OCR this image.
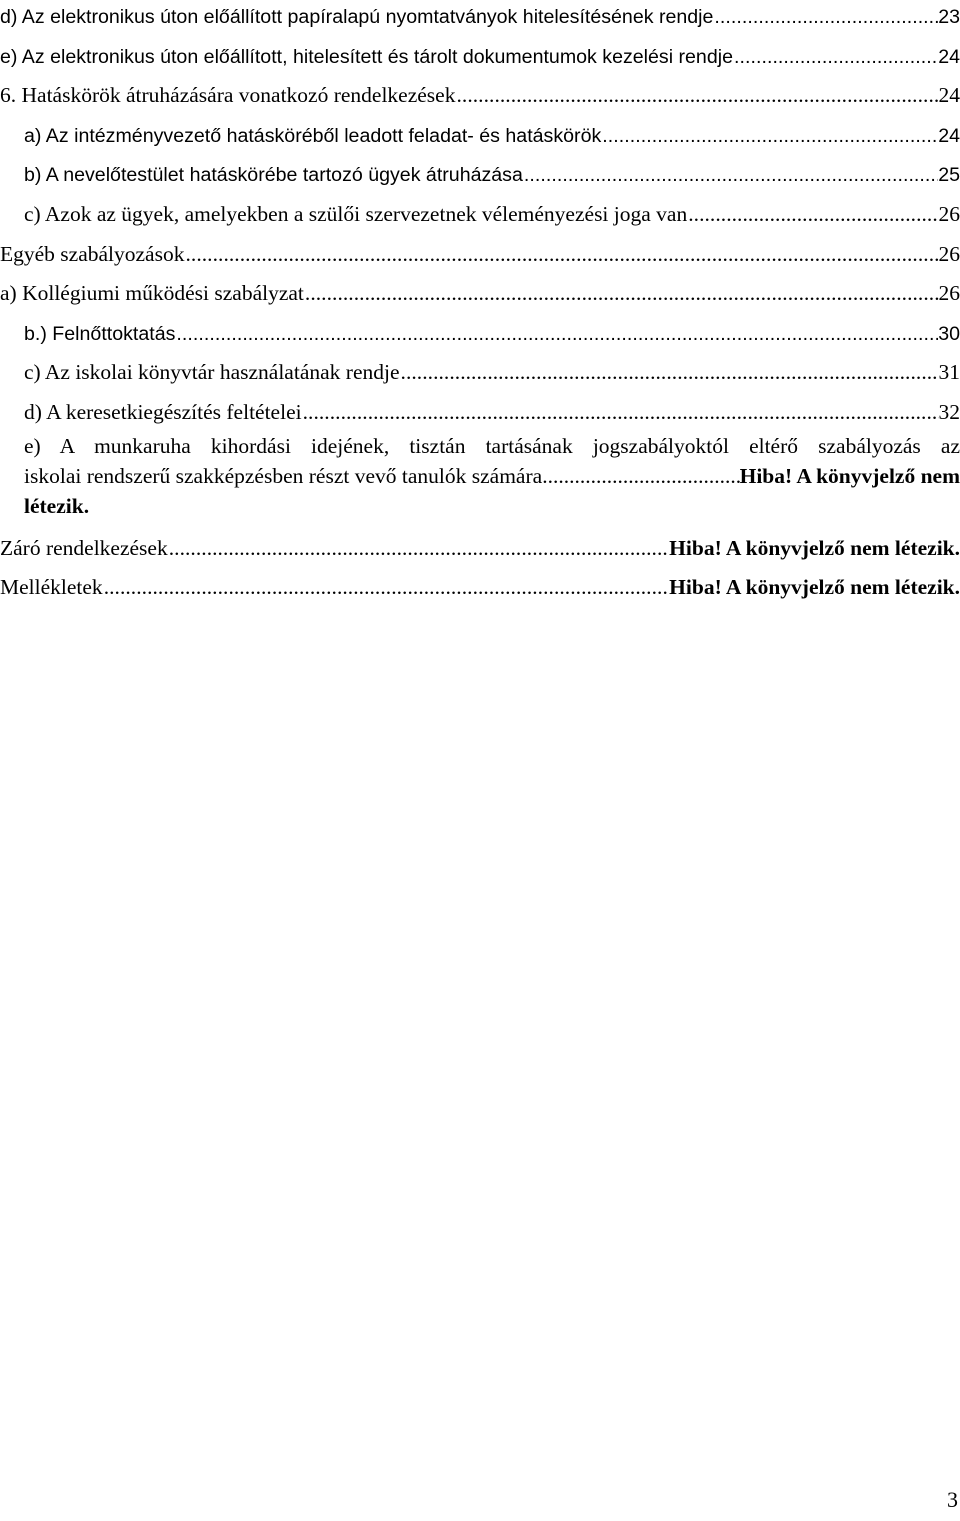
d) Az elektronikus úton előállított papíralapú nyomtatványok hitelesítésének rendje .....	23
e) Az elektronikus úton előállított, hitelesített és tárolt dokumentumok kezelési rendje .....	24
6. Hatáskörök átruházására vonatkozó rendelkezések .....	24
a) Az intézményvezető hatásköréből leadott feladat- és hatáskörök .....	24
b) A nevelőtestület hatáskörébe tartozó ügyek átruházása .....	25
c) Azok az ügyek, amelyekben a szülői szervezetnek véleményezési joga van .....	26
Egyéb szabályozások .....	26
a) Kollégiumi működési szabályzat .....	26
b.) Felnőttoktatás .....	30
c) Az iskolai könyvtár használatának rendje .....	31
d) A keresetkiegészítés feltételei .....	32
e) A munkaruha kihordási idejének, tisztán tartásának jogszabályoktól eltérő szabályozás az
iskolai rendszerű szakképzésben részt vevő tanulók számára .....	Hiba! A könyvjelző nem
létezik.
Záró rendelkezések .....	Hiba! A könyvjelző nem létezik.
Mellékletek .....	Hiba! A könyvjelző nem létezik.
3
